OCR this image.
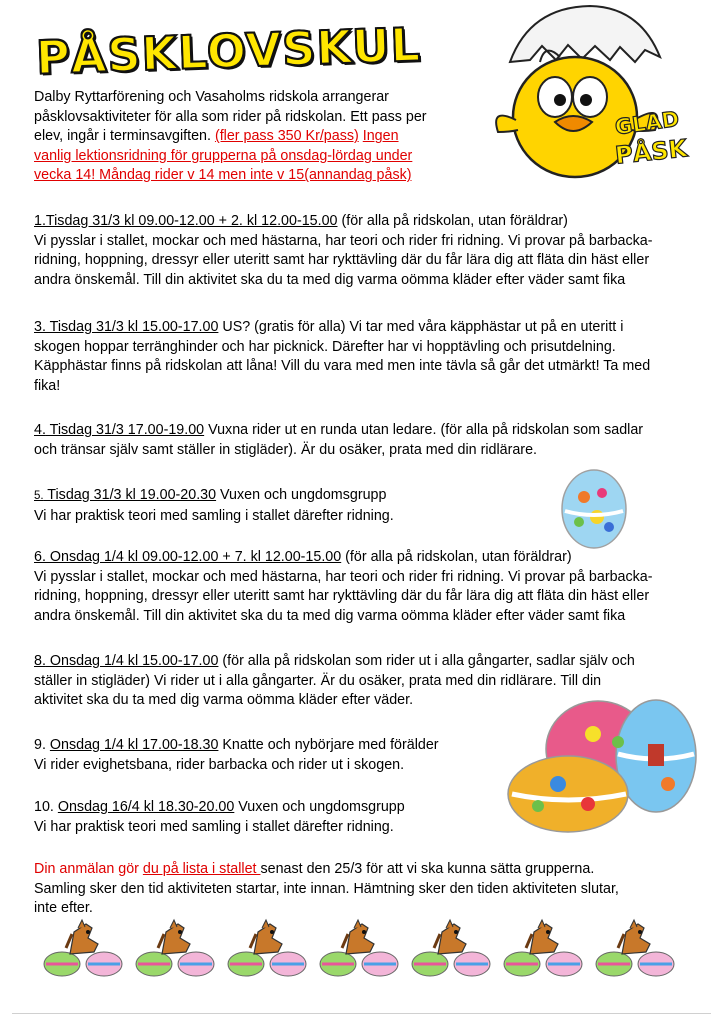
PÅSKLOVSKUL
GLAD
PÅSK

Dalby Ryttarförening och Vasaholms ridskola arrangerar

påsklovsaktiviteter för alla som rider på ridskolan. Ett pass per

elev, ingår i terminsavgiften. (fler pass 350 Kr/pass) Ingen

vanlig lektionsridning för grupperna på onsdag-lördag under

vecka 14! Måndag rider v 14 men inte v 15(annandag påsk)

1.Tisdag 31/3 kl 09.00-12.00 + 2. kl 12.00-15.00 (för alla på ridskolan, utan föräldrar)

Vi pysslar i stallet, mockar och med hästarna, har teori och rider fri ridning. Vi provar på barbacka-

ridning, hoppning, dressyr eller uteritt samt har rykttävling där du får lära dig att fläta din häst eller

andra önskemål. Till din aktivitet ska du ta med dig varma oömma kläder efter väder samt fika

3. Tisdag 31/3 kl 15.00-17.00 US? (gratis för alla) Vi tar med våra käpphästar ut på en uteritt i

skogen hoppar terränghinder och har picknick. Därefter har vi hopptävling och prisutdelning.

Käpphästar finns på ridskolan att låna! Vill du vara med men inte tävla så går det utmärkt! Ta med

fika!

4. Tisdag 31/3 17.00-19.00 Vuxna rider ut en runda utan ledare. (för alla på ridskolan som sadlar

och tränsar själv samt ställer in stigläder). Är du osäker, prata med din ridlärare.

5. Tisdag 31/3 kl 19.00-20.30 Vuxen och ungdomsgrupp

Vi har praktisk teori med samling i stallet därefter ridning.

6. Onsdag 1/4 kl 09.00-12.00 + 7. kl 12.00-15.00 (för alla på ridskolan, utan föräldrar)

Vi pysslar i stallet, mockar och med hästarna, har teori och rider fri ridning. Vi provar på barbacka-

ridning, hoppning, dressyr eller uteritt samt har rykttävling där du får lära dig att fläta din häst eller

andra önskemål. Till din aktivitet ska du ta med dig varma oömma kläder efter väder samt fika

8. Onsdag 1/4 kl 15.00-17.00 (för alla på ridskolan som rider ut i alla gångarter, sadlar själv och

ställer in stigläder) Vi rider ut i alla gångarter. Är du osäker, prata med din ridlärare. Till din

aktivitet ska du ta med dig varma oömma kläder efter väder.

9. Onsdag 1/4 kl 17.00-18.30 Knatte och nybörjare med förälder

Vi rider evighetsbana, rider barbacka och rider ut i skogen.

10. Onsdag 16/4 kl 18.30-20.00 Vuxen och ungdomsgrupp

Vi har praktisk teori med samling i stallet därefter ridning.

Din anmälan gör du på lista i stallet senast den 25/3 för att vi ska kunna sätta grupperna.

Samling sker den tid aktiviteten startar, inte innan. Hämtning sker den tiden aktiviteten slutar,

inte efter.
